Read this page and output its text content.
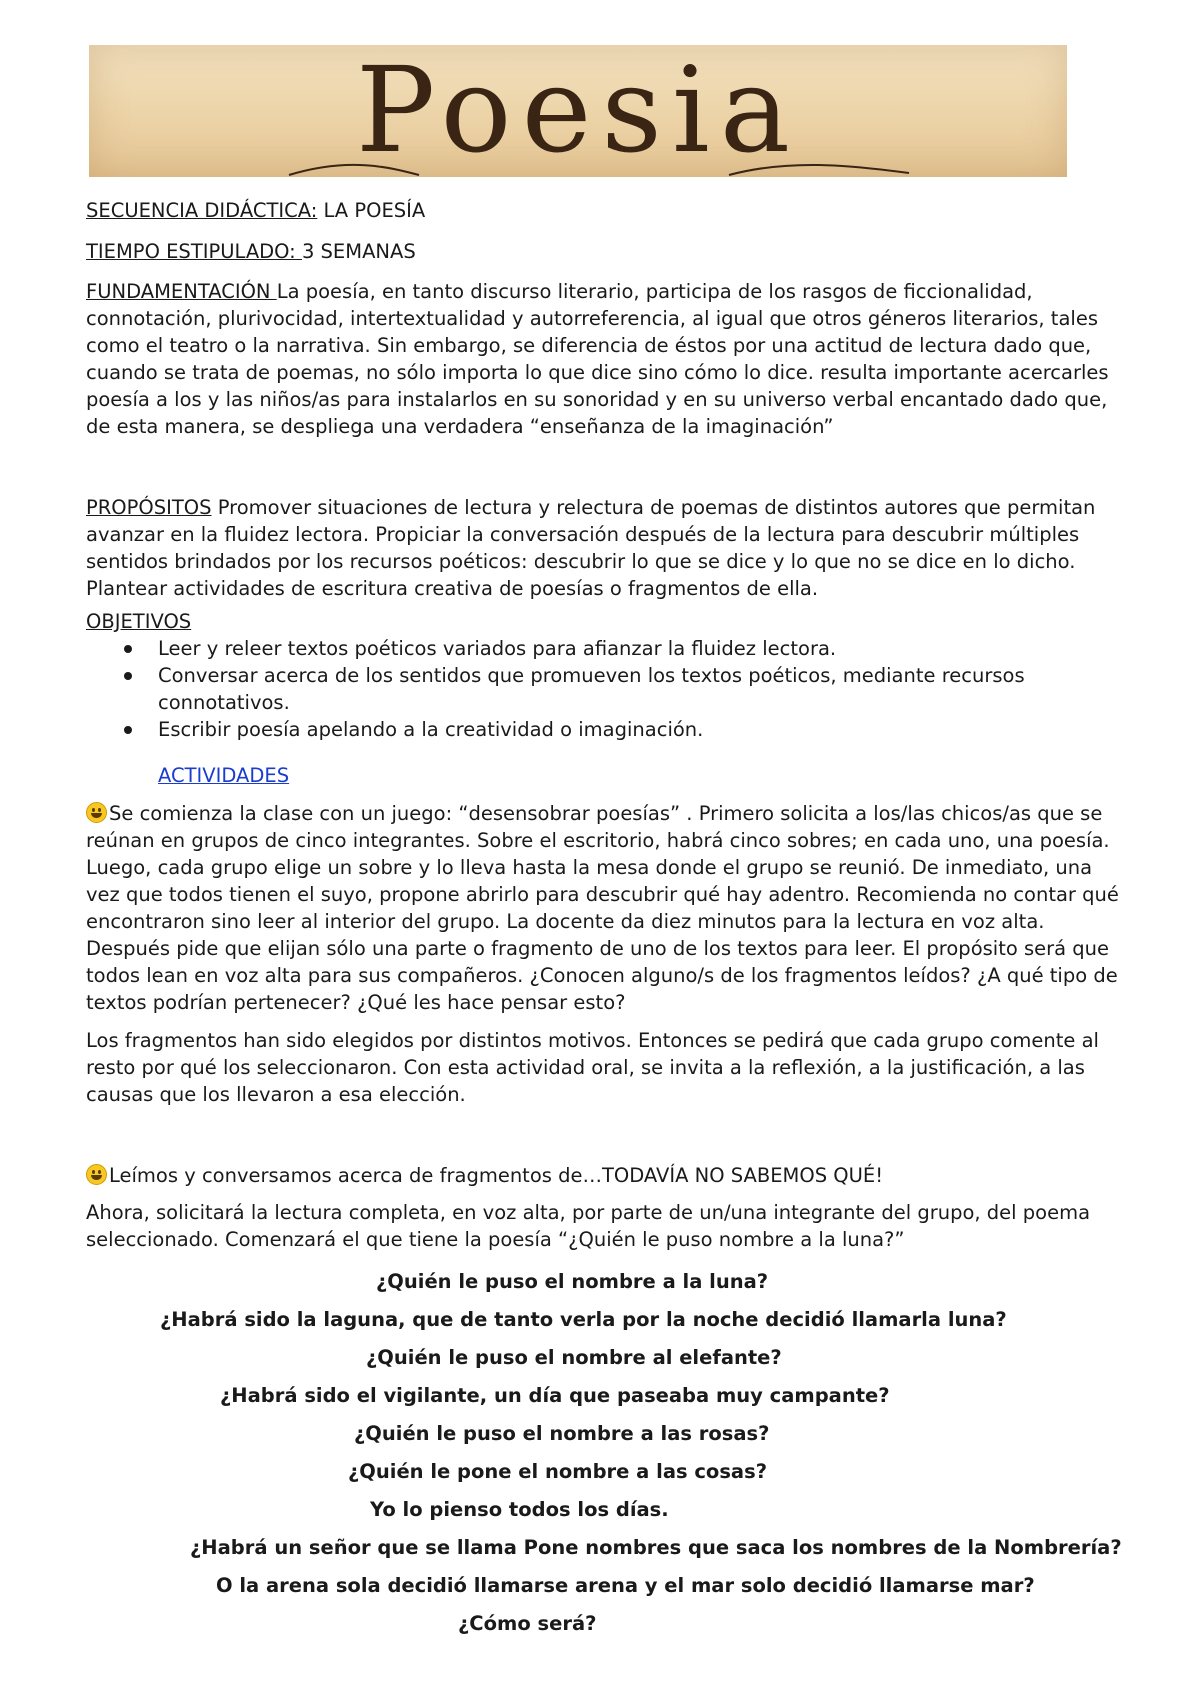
Poesia

SECUENCIA DIDÁCTICA: LA POESÍA

TIEMPO ESTIPULADO: 3 SEMANAS

FUNDAMENTACIÓN La poesía, en tanto discurso literario, participa de los rasgos de ficcionalidad, connotación, plurivocidad, intertextualidad y autorreferencia, al igual que otros géneros literarios, tales como el teatro o la narrativa. Sin embargo, se diferencia de éstos por una actitud de lectura dado que, cuando se trata de poemas, no sólo importa lo que dice sino cómo lo dice. resulta importante acercarles poesía a los y las niños/as para instalarlos en su sonoridad y en su universo verbal encantado dado que, de esta manera, se despliega una verdadera “enseñanza de la imaginación”

PROPÓSITOS Promover situaciones de lectura y relectura de poemas de distintos autores que permitan avanzar en la fluidez lectora. Propiciar la conversación después de la lectura para descubrir múltiples sentidos brindados por los recursos poéticos: descubrir lo que se dice y lo que no se dice en lo dicho. Plantear actividades de escritura creativa de poesías o fragmentos de ella.

OBJETIVOS

Leer y releer textos poéticos variados para afianzar la fluidez lectora.
Conversar acerca de los sentidos que promueven los textos poéticos, mediante recursos connotativos.
Escribir poesía apelando a la creatividad o imaginación.

ACTIVIDADES

Se comienza la clase con un juego: “desensobrar poesías” . Primero solicita a los/las chicos/as que se reúnan en grupos de cinco integrantes. Sobre el escritorio, habrá cinco sobres; en cada uno, una poesía. Luego, cada grupo elige un sobre y lo lleva hasta la mesa donde el grupo se reunió. De inmediato, una vez que todos tienen el suyo, propone abrirlo para descubrir qué hay adentro. Recomienda no contar qué encontraron sino leer al interior del grupo. La docente da diez minutos para la lectura en voz alta. Después pide que elijan sólo una parte o fragmento de uno de los textos para leer. El propósito será que todos lean en voz alta para sus compañeros. ¿Conocen alguno/s de los fragmentos leídos? ¿A qué tipo de textos podrían pertenecer? ¿Qué les hace pensar esto?

Los fragmentos han sido elegidos por distintos motivos. Entonces se pedirá que cada grupo comente al resto por qué los seleccionaron. Con esta actividad oral, se invita a la reflexión, a la justificación, a las causas que los llevaron a esa elección.

Leímos y conversamos acerca de fragmentos de…TODAVÍA NO SABEMOS QUÉ!

Ahora, solicitará la lectura completa, en voz alta, por parte de un/una integrante del grupo, del poema seleccionado. Comenzará el que tiene la poesía “¿Quién le puso nombre a la luna?”

¿Quién le puso el nombre a la luna?

¿Habrá sido la laguna, que de tanto verla por la noche decidió llamarla luna?

¿Quién le puso el nombre al elefante?

¿Habrá sido el vigilante, un día que paseaba muy campante?

¿Quién le puso el nombre a las rosas?

¿Quién le pone el nombre a las cosas?

Yo lo pienso todos los días.

¿Habrá un señor que se llama Pone nombres que saca los nombres de la Nombrería?

O la arena sola decidió llamarse arena y el mar solo decidió llamarse mar?

¿Cómo será?
